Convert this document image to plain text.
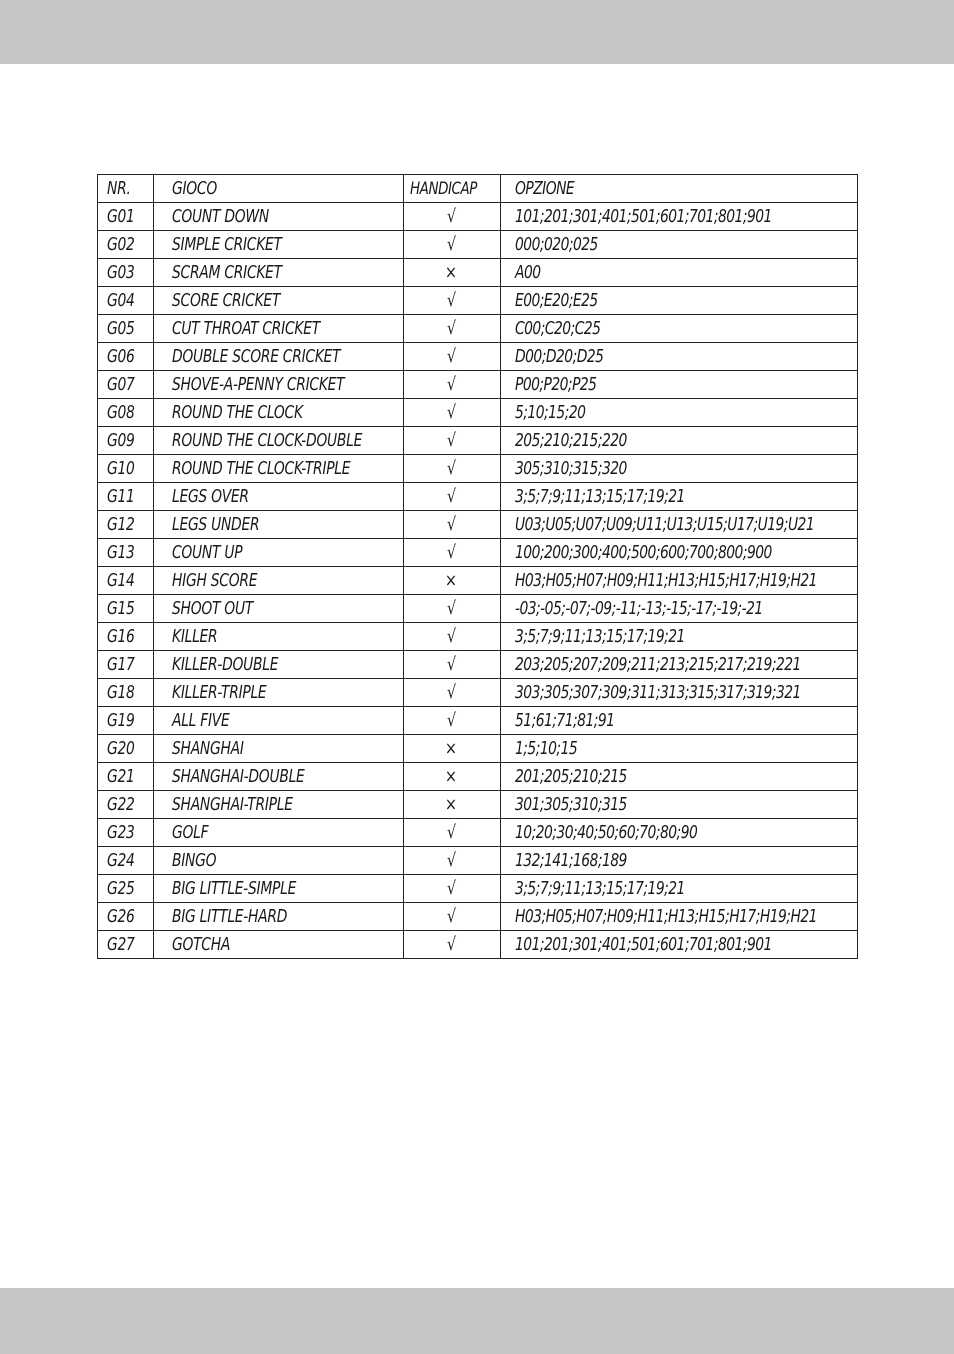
NR.	GIOCO	HANDICAP	OPZIONE
G01	COUNT DOWN	√	101;201;301;401;501;601;701;801;901
G02	SIMPLE CRICKET	√	000;020;025
G03	SCRAM CRICKET	×	A00
G04	SCORE CRICKET	√	E00;E20;E25
G05	CUT THROAT CRICKET	√	C00;C20;C25
G06	DOUBLE SCORE CRICKET	√	D00;D20;D25
G07	SHOVE-A-PENNY CRICKET	√	P00;P20;P25
G08	ROUND THE CLOCK	√	5;10;15;20
G09	ROUND THE CLOCK-DOUBLE	√	205;210;215;220
G10	ROUND THE CLOCK-TRIPLE	√	305;310;315;320
G11	LEGS OVER	√	3;5;7;9;11;13;15;17;19;21
G12	LEGS UNDER	√	U03;U05;U07;U09;U11;U13;U15;U17;U19;U21
G13	COUNT UP	√	100;200;300;400;500;600;700;800;900
G14	HIGH SCORE	×	H03;H05;H07;H09;H11;H13;H15;H17;H19;H21
G15	SHOOT OUT	√	-03;-05;-07;-09;-11;-13;-15;-17;-19;-21
G16	KILLER	√	3;5;7;9;11;13;15;17;19;21
G17	KILLER-DOUBLE	√	203;205;207;209;211;213;215;217;219;221
G18	KILLER-TRIPLE	√	303;305;307;309;311;313;315;317;319;321
G19	ALL FIVE	√	51;61;71;81;91
G20	SHANGHAI	×	1;5;10;15
G21	SHANGHAI-DOUBLE	×	201;205;210;215
G22	SHANGHAI-TRIPLE	×	301;305;310;315
G23	GOLF	√	10;20;30;40;50;60;70;80;90
G24	BINGO	√	132;141;168;189
G25	BIG LITTLE-SIMPLE	√	3;5;7;9;11;13;15;17;19;21
G26	BIG LITTLE-HARD	√	H03;H05;H07;H09;H11;H13;H15;H17;H19;H21
G27	GOTCHA	√	101;201;301;401;501;601;701;801;901
